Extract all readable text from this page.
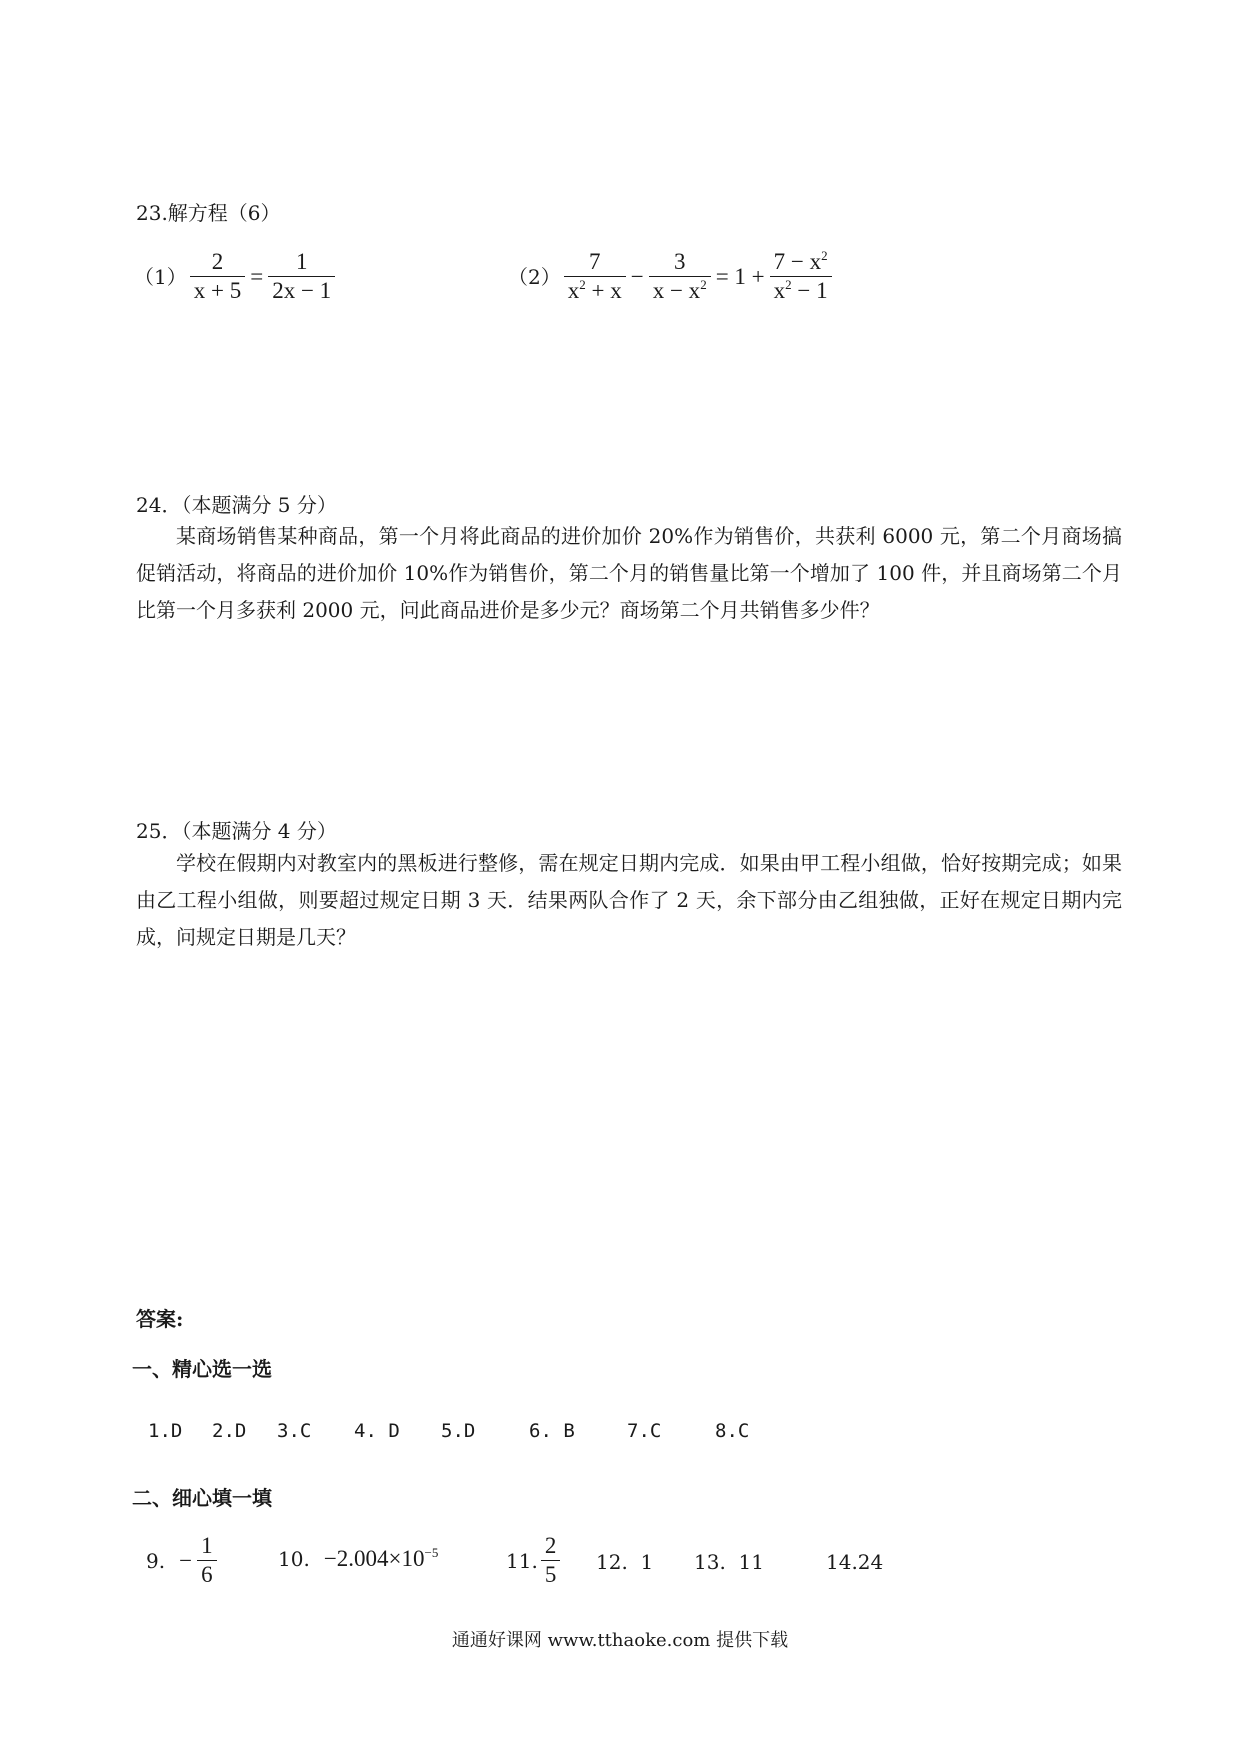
23.解方程（6）
$(1) \frac{2}{x + 5} = \frac{1}{2x - 1}$	$(2) \frac{7}{x^2 + x} - \frac{3}{x - x^2} = 1 + \frac{7 - x^2}{x^2 - 1}$
24．（本题满分 5 分）
某商场销售某种商品，第一个月将此商品的进价加价 20%作为销售价，共获利 6000 元，第二个月商场搞促销活动，将商品的进价加价 10%作为销售价，第二个月的销售量比第一个增加了 100 件，并且商场第二个月比第一个月多获利 2000 元，问此商品进价是多少元？商场第二个月共销售多少件？
25．（本题满分 4 分）
学校在假期内对教室内的黑板进行整修，需在规定日期内完成．如果由甲工程小组做，恰好按期完成；如果由乙工程小组做，则要超过规定日期 3 天．结果两队合作了 2 天，余下部分由乙组独做，正好在规定日期内完成，问规定日期是几天？
答案:
一、精心选一选
1.D 2.D 3.C 4. D 5.D	6. B	7.C	8.C
二、细心填一填
9. − $\frac{1}{6}$	10. $-2.004\times 10^{-5}$	11. $\frac{2}{5} 12$.  1 13.  11	14.24
通通好课网 www.tthaoke.com 提供下载
